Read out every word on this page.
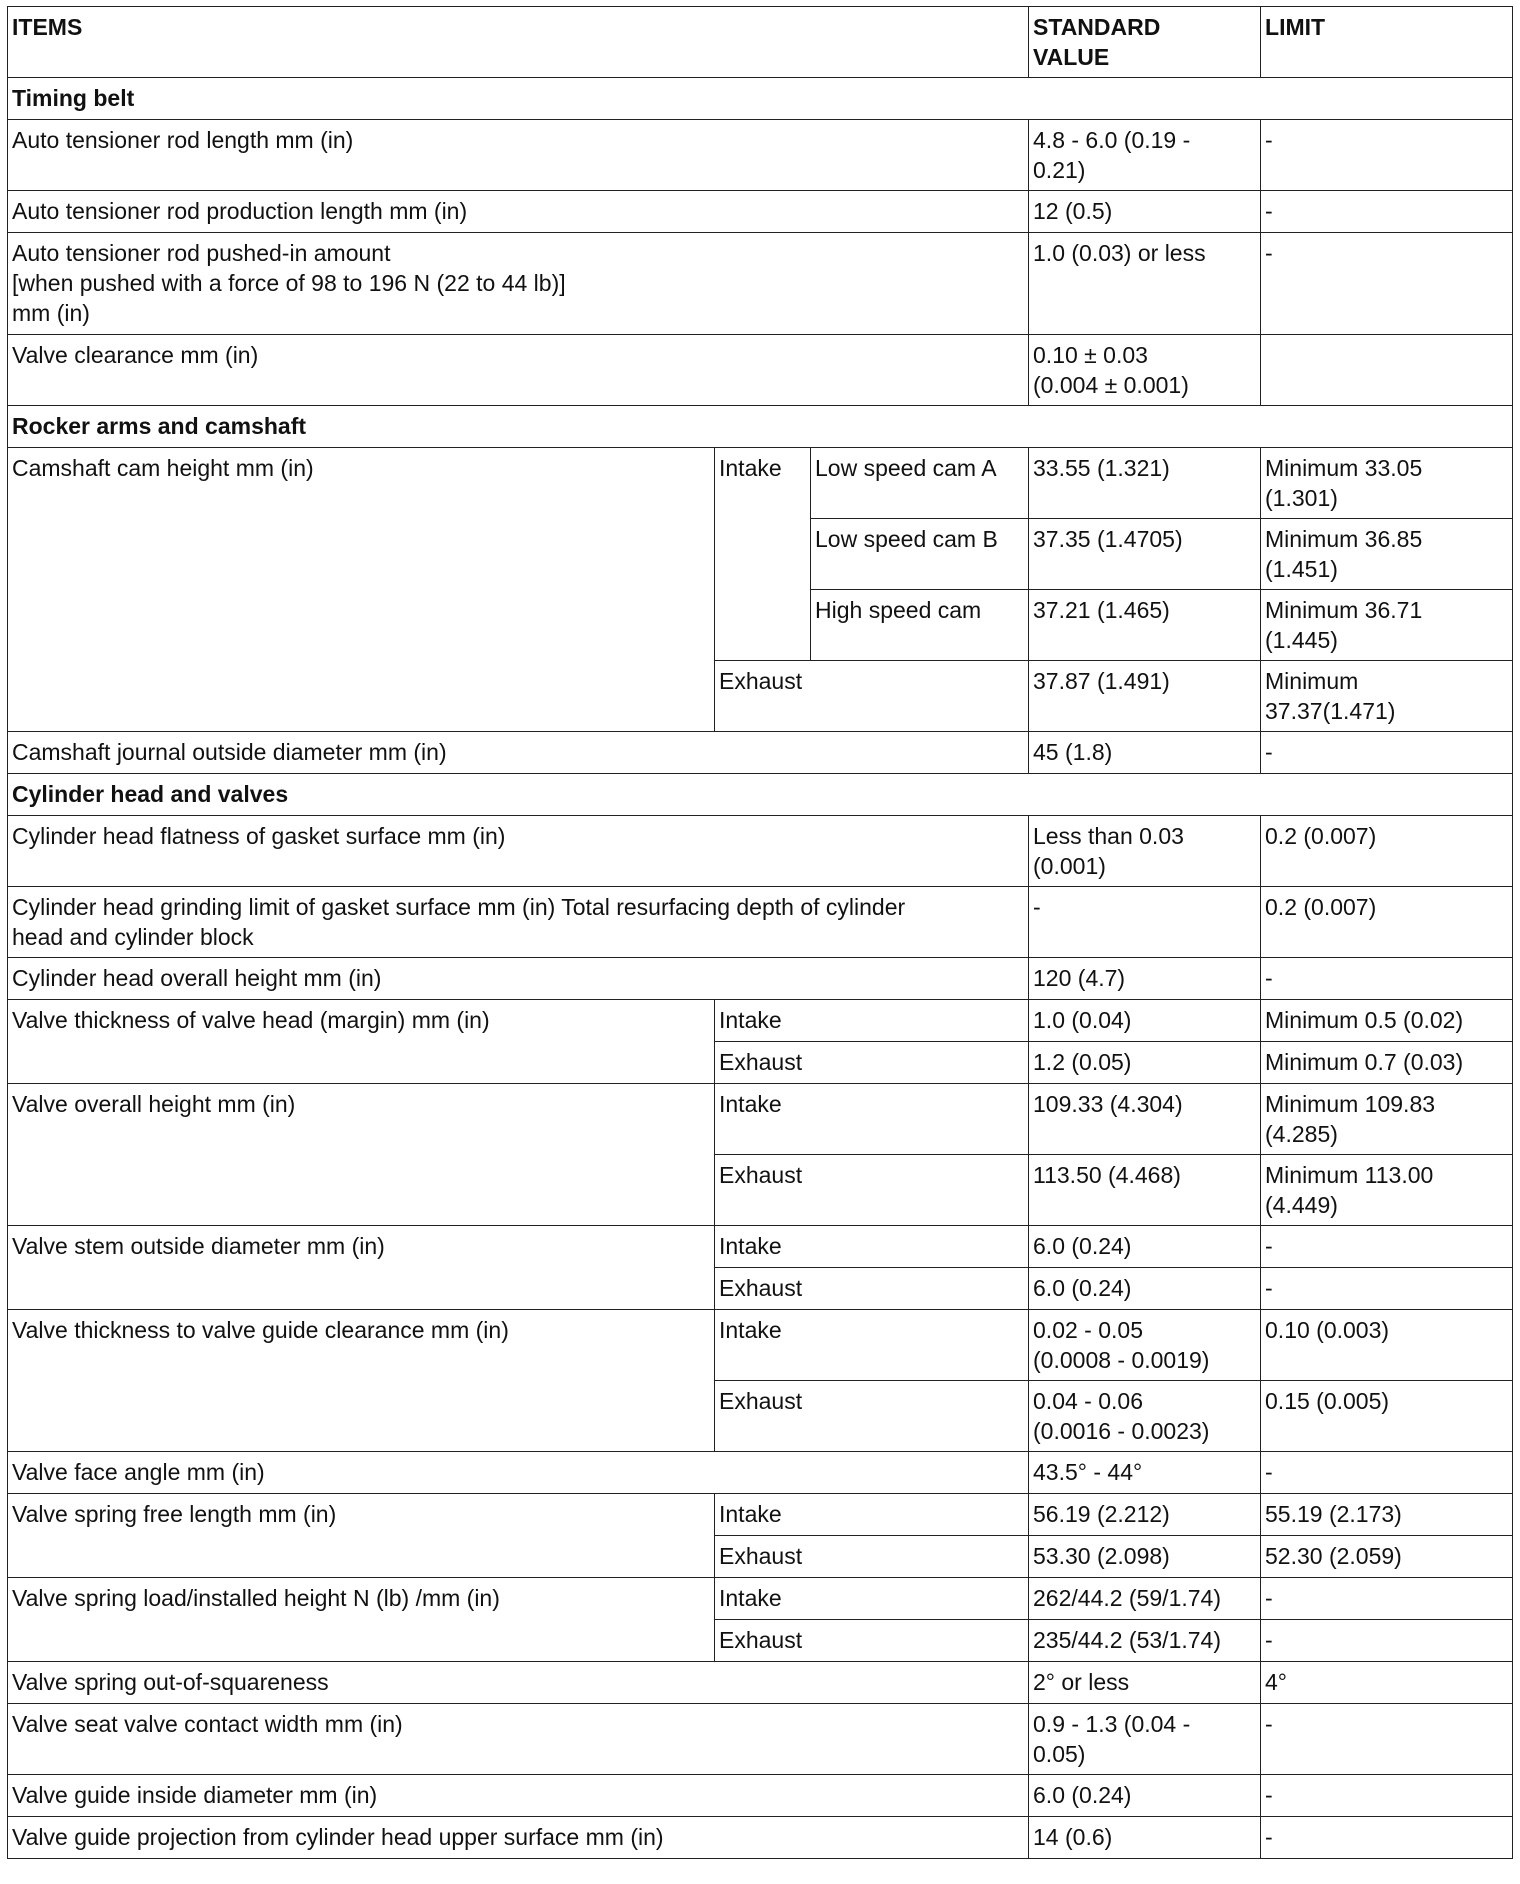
ITEMS			STANDARD
VALUE	LIMIT
Timing belt				
Auto tensioner rod length mm (in)			4.8 - 6.0 (0.19 -
0.21)	-
Auto tensioner rod production length mm (in)			12 (0.5)	-
Auto tensioner rod pushed-in amount
[when pushed with a force of 98 to 196 N (22 to 44 lb)]
mm (in)			1.0 (0.03) or less	-
Valve clearance mm (in)			0.10 ± 0.03
(0.004 ± 0.001)	
Rocker arms and camshaft				
Camshaft cam height mm (in)	Intake	Low speed cam A	33.55 (1.321)	Minimum 33.05
(1.301)
		Low speed cam B	37.35 (1.4705)	Minimum 36.85
(1.451)
		High speed cam	37.21 (1.465)	Minimum 36.71
(1.445)
	Exhaust		37.87 (1.491)	Minimum
37.37(1.471)
Camshaft journal outside diameter mm (in)			45 (1.8)	-
Cylinder head and valves				
Cylinder head flatness of gasket surface mm (in)			Less than 0.03
(0.001)	0.2 (0.007)
Cylinder head grinding limit of gasket surface mm (in) Total resurfacing depth of cylinder
head and cylinder block			-	0.2 (0.007)
Cylinder head overall height mm (in)			120 (4.7)	-
Valve thickness of valve head (margin) mm (in)	Intake		1.0 (0.04)	Minimum 0.5 (0.02)
	Exhaust		1.2 (0.05)	Minimum 0.7 (0.03)
Valve overall height mm (in)	Intake		109.33 (4.304)	Minimum 109.83
(4.285)
	Exhaust		113.50 (4.468)	Minimum 113.00
(4.449)
Valve stem outside diameter mm (in)	Intake		6.0 (0.24)	-
	Exhaust		6.0 (0.24)	-
Valve thickness to valve guide clearance mm (in)	Intake		0.02 - 0.05
(0.0008 - 0.0019)	0.10 (0.003)
	Exhaust		0.04 - 0.06
(0.0016 - 0.0023)	0.15 (0.005)
Valve face angle mm (in)			43.5° - 44°	-
Valve spring free length mm (in)	Intake		56.19 (2.212)	55.19 (2.173)
	Exhaust		53.30 (2.098)	52.30 (2.059)
Valve spring load/installed height N (lb) /mm (in)	Intake		262/44.2 (59/1.74)	-
	Exhaust		235/44.2 (53/1.74)	-
Valve spring out-of-squareness			2° or less	4°
Valve seat valve contact width mm (in)			0.9 - 1.3 (0.04 -
0.05)	-
Valve guide inside diameter mm (in)			6.0 (0.24)	-
Valve guide projection from cylinder head upper surface mm (in)			14 (0.6)	-
